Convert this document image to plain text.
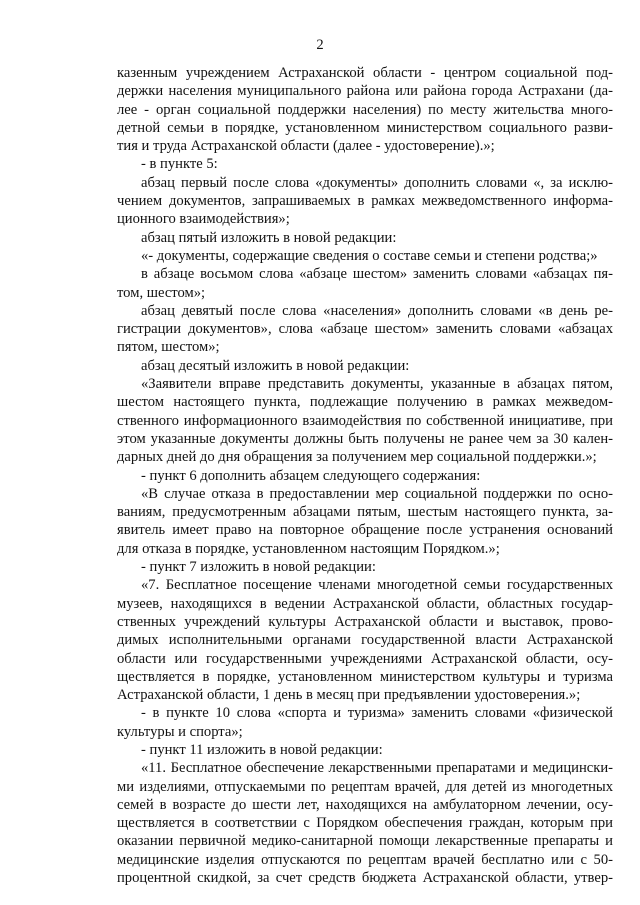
2
казенным учреждением Астраханской области - центром социальной под-
держки населения муниципального района или района города Астрахани (да-
лее - орган социальной поддержки населения) по месту жительства много-
детной семьи в порядке, установленном министерством социального разви-
тия и труда Астраханской области (далее - удостоверение).»;
- в пункте 5:
абзац первый после слова «документы» дополнить словами «, за исклю-
чением документов, запрашиваемых в рамках межведомственного информа-
ционного взаимодействия»;
абзац пятый изложить в новой редакции:
«- документы, содержащие сведения о составе семьи и степени родства;»
в абзаце восьмом слова «абзаце шестом» заменить словами «абзацах пя-
том, шестом»;
абзац девятый после слова «населения» дополнить словами «в день ре-
гистрации документов», слова «абзаце шестом» заменить словами «абзацах
пятом, шестом»;
абзац десятый изложить в новой редакции:
«Заявители вправе представить документы, указанные в абзацах пятом,
шестом настоящего пункта, подлежащие получению в рамках межведом-
ственного информационного взаимодействия по собственной инициативе, при
этом указанные документы должны быть получены не ранее чем за 30 кален-
дарных дней до дня обращения за получением мер социальной поддержки.»;
- пункт 6 дополнить абзацем следующего содержания:
«В случае отказа в предоставлении мер социальной поддержки по осно-
ваниям, предусмотренным абзацами пятым, шестым настоящего пункта, за-
явитель имеет право на повторное обращение после устранения оснований
для отказа в порядке, установленном настоящим Порядком.»;
- пункт 7 изложить в новой редакции:
«7. Бесплатное посещение членами многодетной семьи государственных
музеев, находящихся в ведении Астраханской области, областных государ-
ственных учреждений культуры Астраханской области и выставок, прово-
димых исполнительными органами государственной власти Астраханской
области или государственными учреждениями Астраханской области, осу-
ществляется в порядке, установленном министерством культуры и туризма
Астраханской области, 1 день в месяц при предъявлении удостоверения.»;
- в пункте 10 слова «спорта и туризма» заменить словами «физической
культуры и спорта»;
- пункт 11 изложить в новой редакции:
«11. Бесплатное обеспечение лекарственными препаратами и медицински-
ми изделиями, отпускаемыми по рецептам врачей, для детей из многодетных
семей в возрасте до шести лет, находящихся на амбулаторном лечении, осу-
ществляется в соответствии с Порядком обеспечения граждан, которым при
оказании первичной медико-санитарной помощи лекарственные препараты и
медицинские изделия отпускаются по рецептам врачей бесплатно или с 50-
процентной скидкой, за счет средств бюджета Астраханской области, утвер-
